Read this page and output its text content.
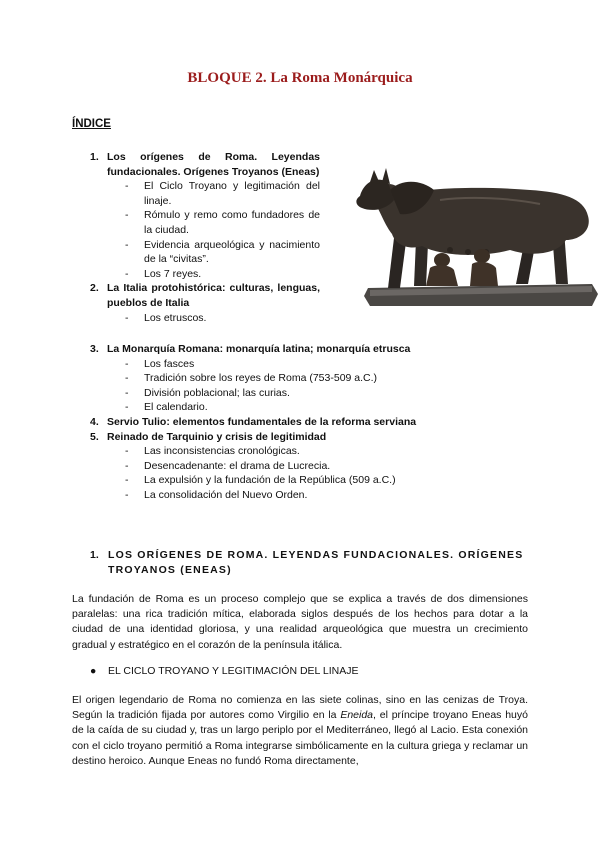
BLOQUE 2. La Roma Monárquica
ÍNDICE
1. Los orígenes de Roma. Leyendas fundacionales. Orígenes Troyanos (Eneas)
-	El Ciclo Troyano y legitimación del linaje.
-	Rómulo y remo como fundadores de la ciudad.
-	Evidencia arqueológica y nacimiento de la “civitas”.
-	Los 7 reyes.
2. La Italia protohistórica: culturas, lenguas, pueblos de Italia
-	Los etruscos.
3. La Monarquía Romana: monarquía latina; monarquía etrusca
-	Los fasces
-	Tradición sobre los reyes de Roma (753-509 a.C.)
-	División poblacional; las curias.
-	El calendario.
4. Servio Tulio: elementos fundamentales de la reforma serviana
5. Reinado de Tarquinio y crisis de legitimidad
-	Las inconsistencias cronológicas.
-	Desencadenante: el drama de Lucrecia.
-	La expulsión y la fundación de la República (509 a.C.)
-	La consolidación del Nuevo Orden.
1. LOS ORÍGENES DE ROMA. LEYENDAS FUNDACIONALES. ORÍGENES TROYANOS (ENEAS)
La fundación de Roma es un proceso complejo que se explica a través de dos dimensiones paralelas: una rica tradición mítica, elaborada siglos después de los hechos para dotar a la ciudad de una identidad gloriosa, y una realidad arqueológica que muestra un crecimiento gradual y estratégico en el corazón de la península itálica.
●	EL CICLO TROYANO Y LEGITIMACIÓN DEL LINAJE
El origen legendario de Roma no comienza en las siete colinas, sino en las cenizas de Troya. Según la tradición fijada por autores como Virgilio en la Eneida, el príncipe troyano Eneas huyó de la caída de su ciudad y, tras un largo periplo por el Mediterráneo, llegó al Lacio. Esta conexión con el ciclo troyano permitió a Roma integrarse simbólicamente en la cultura griega y reclamar un destino heroico. Aunque Eneas no fundó Roma directamente,
